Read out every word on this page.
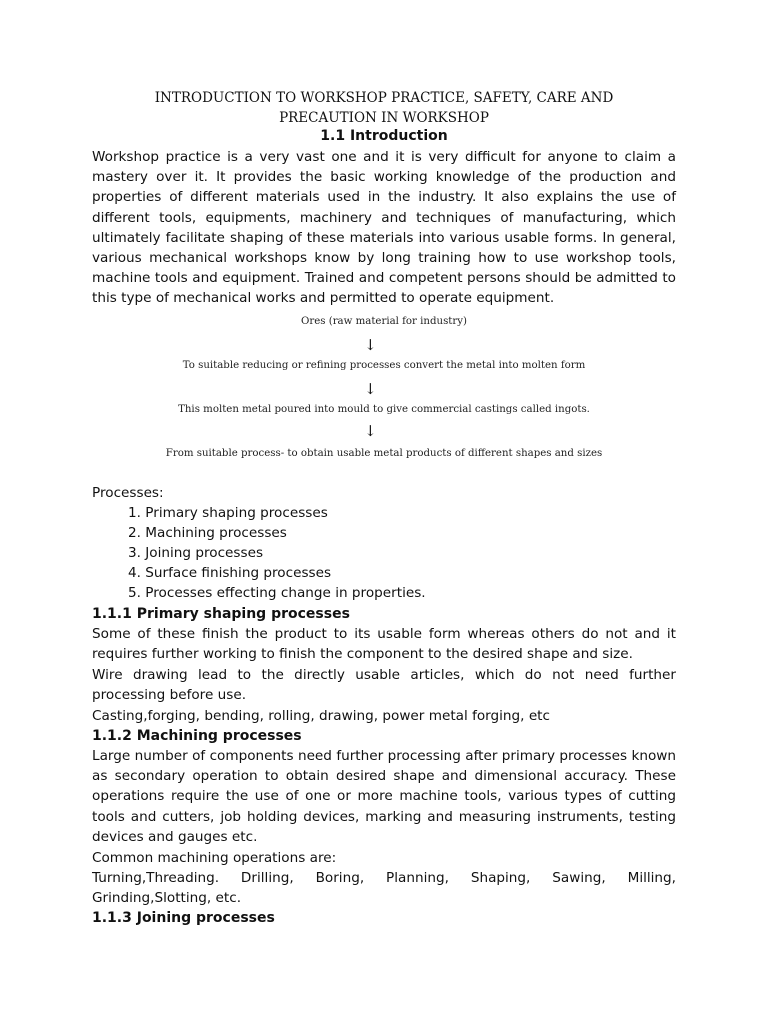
INTRODUCTION TO WORKSHOP PRACTICE, SAFETY, CARE AND
PRECAUTION IN WORKSHOP
1.1 Introduction
Workshop practice is a very vast one and it is very difficult for anyone to claim a mastery over it. It provides the basic working knowledge of the production and properties of different materials used in the industry. It also explains the use of different tools, equipments, machinery and techniques of manufacturing, which ultimately facilitate shaping of these materials into various usable forms. In general, various mechanical workshops know by long training how to use workshop tools, machine tools and equipment. Trained and competent persons should be admitted to this type of mechanical works and permitted to operate equipment.
Ores (raw material for industry)
↓
To suitable reducing or refining processes convert the metal into molten form
↓
This molten metal poured into mould to give commercial castings called ingots.
↓
From suitable process- to obtain usable metal products of different shapes and sizes
Processes:
1. Primary shaping processes
2. Machining processes
3. Joining processes
4. Surface finishing processes
5. Processes effecting change in properties.
1.1.1 Primary shaping processes
Some of these finish the product to its usable form whereas others do not and it requires further working to finish the component to the desired shape and size.
Wire drawing lead to the directly usable articles, which do not need further processing before use.
Casting,forging, bending, rolling, drawing, power metal forging, etc
1.1.2 Machining processes
Large number of components need further processing after primary processes known as secondary operation to obtain desired shape and dimensional accuracy. These operations require the use of one or more machine tools, various types of cutting tools and cutters, job holding devices, marking and measuring instruments, testing devices and gauges etc.
Common machining operations are:
Turning,Threading. Drilling, Boring, Planning, Shaping, Sawing, Milling,
Grinding,Slotting, etc.
1.1.3 Joining processes
